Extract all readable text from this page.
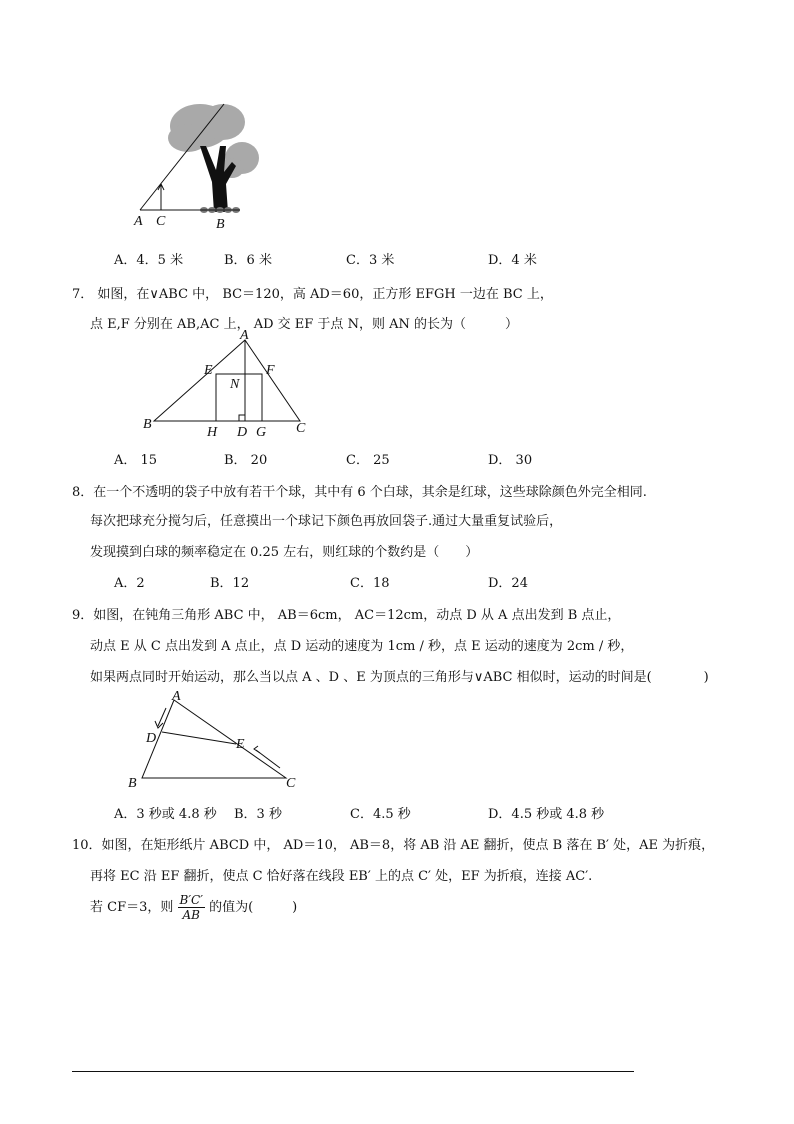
A C	B
A．4．5 米	B．6 米	C．3 米	D．4 米
7． 如图，在∨ABC 中， BC＝120，高 AD＝60，正方形 EFGH 一边在 BC 上，
点 E,F 分别在 AB,AC 上， AD 交 EF 于点 N，则 AN 的长为（　　　）
A
E	F
N
B
H D G C
A． 15	B． 20	C． 25	D． 30
8．在一个不透明的袋子中放有若干个球，其中有 6 个白球，其余是红球，这些球除颜色外完全相同.
每次把球充分搅匀后，任意摸出一个球记下颜色再放回袋子.通过大量重复试验后，
发现摸到白球的频率稳定在 0.25 左右，则红球的个数约是（　　）
A．2	B．12	C．18	D．24
9．如图，在钝角三角形 ABC 中， AB＝6cm， AC＝12cm，动点 D 从 A 点出发到 B 点止，
动点 E 从 C 点出发到 A 点止，点 D 运动的速度为 1cm / 秒，点 E 运动的速度为 2cm / 秒，
如果两点同时开始运动，那么当以点 A 、D 、E 为顶点的三角形与∨ABC 相似时，运动的时间是(　　　　)
A
D	E
B	C
A．3 秒或 4.8 秒 B．3 秒	C．4.5 秒	D．4.5 秒或 4.8 秒
10．如图，在矩形纸片 ABCD 中， AD＝10， AB＝8，将 AB 沿 AE 翻折，使点 B 落在 B′ 处，AE 为折痕，
再将 EC 沿 EF 翻折，使点 C 恰好落在线段 EB′ 上的点 C′ 处，EF 为折痕，连接 AC′.
若 CF＝3，则 $\frac{B'C'}{AB}$ 的值为(　　　)
